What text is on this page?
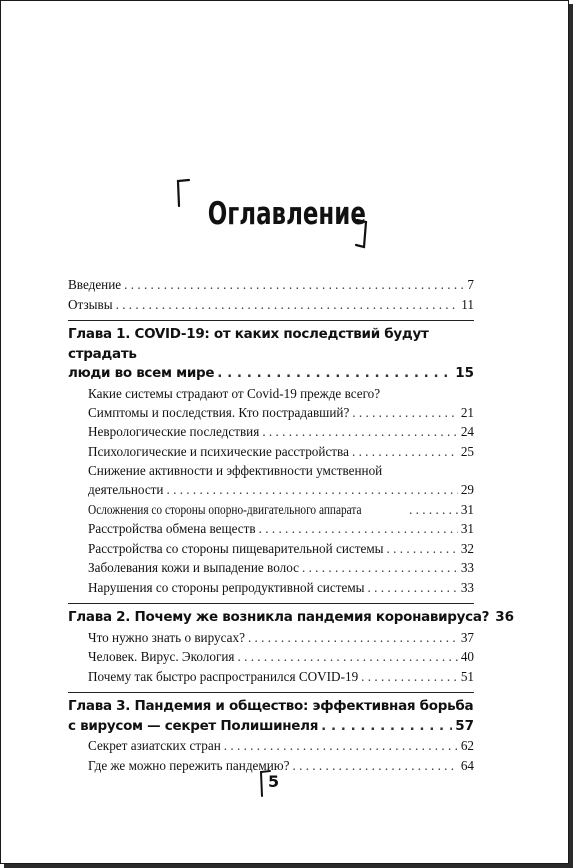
Оглавление
Введение . . .	7
Отзывы . . .	11
Глава 1. COVID-19: от каких последствий будут страдать
люди во всем мире . . .	15
Какие системы страдают от Covid-19 прежде всего?
Симптомы и последствия. Кто пострадавший? . . .	21
Неврологические последствия . . .	24
Психологические и психические расстройства . . .	25
Снижение активности и эффективности умственной
деятельности . . .	29
Осложнения со стороны опорно-двигательного аппарата . . .	31
Расстройства обмена веществ . . .	31
Расстройства со стороны пищеварительной системы . . .	32
Заболевания кожи и выпадение волос . . .	33
Нарушения со стороны репродуктивной системы . . .	33
Глава 2. Почему же возникла пандемия коронавируса? 36
Что нужно знать о вирусах? . . .	37
Человек. Вирус. Экология . . .	40
Почему так быстро распространился COVID-19 . . .	51
Глава 3. Пандемия и общество: эффективная борьба
с вирусом — секрет Полишинеля . . .	57
Секрет азиатских стран . . .	62
Где же можно пережить пандемию? . . .	64
5
